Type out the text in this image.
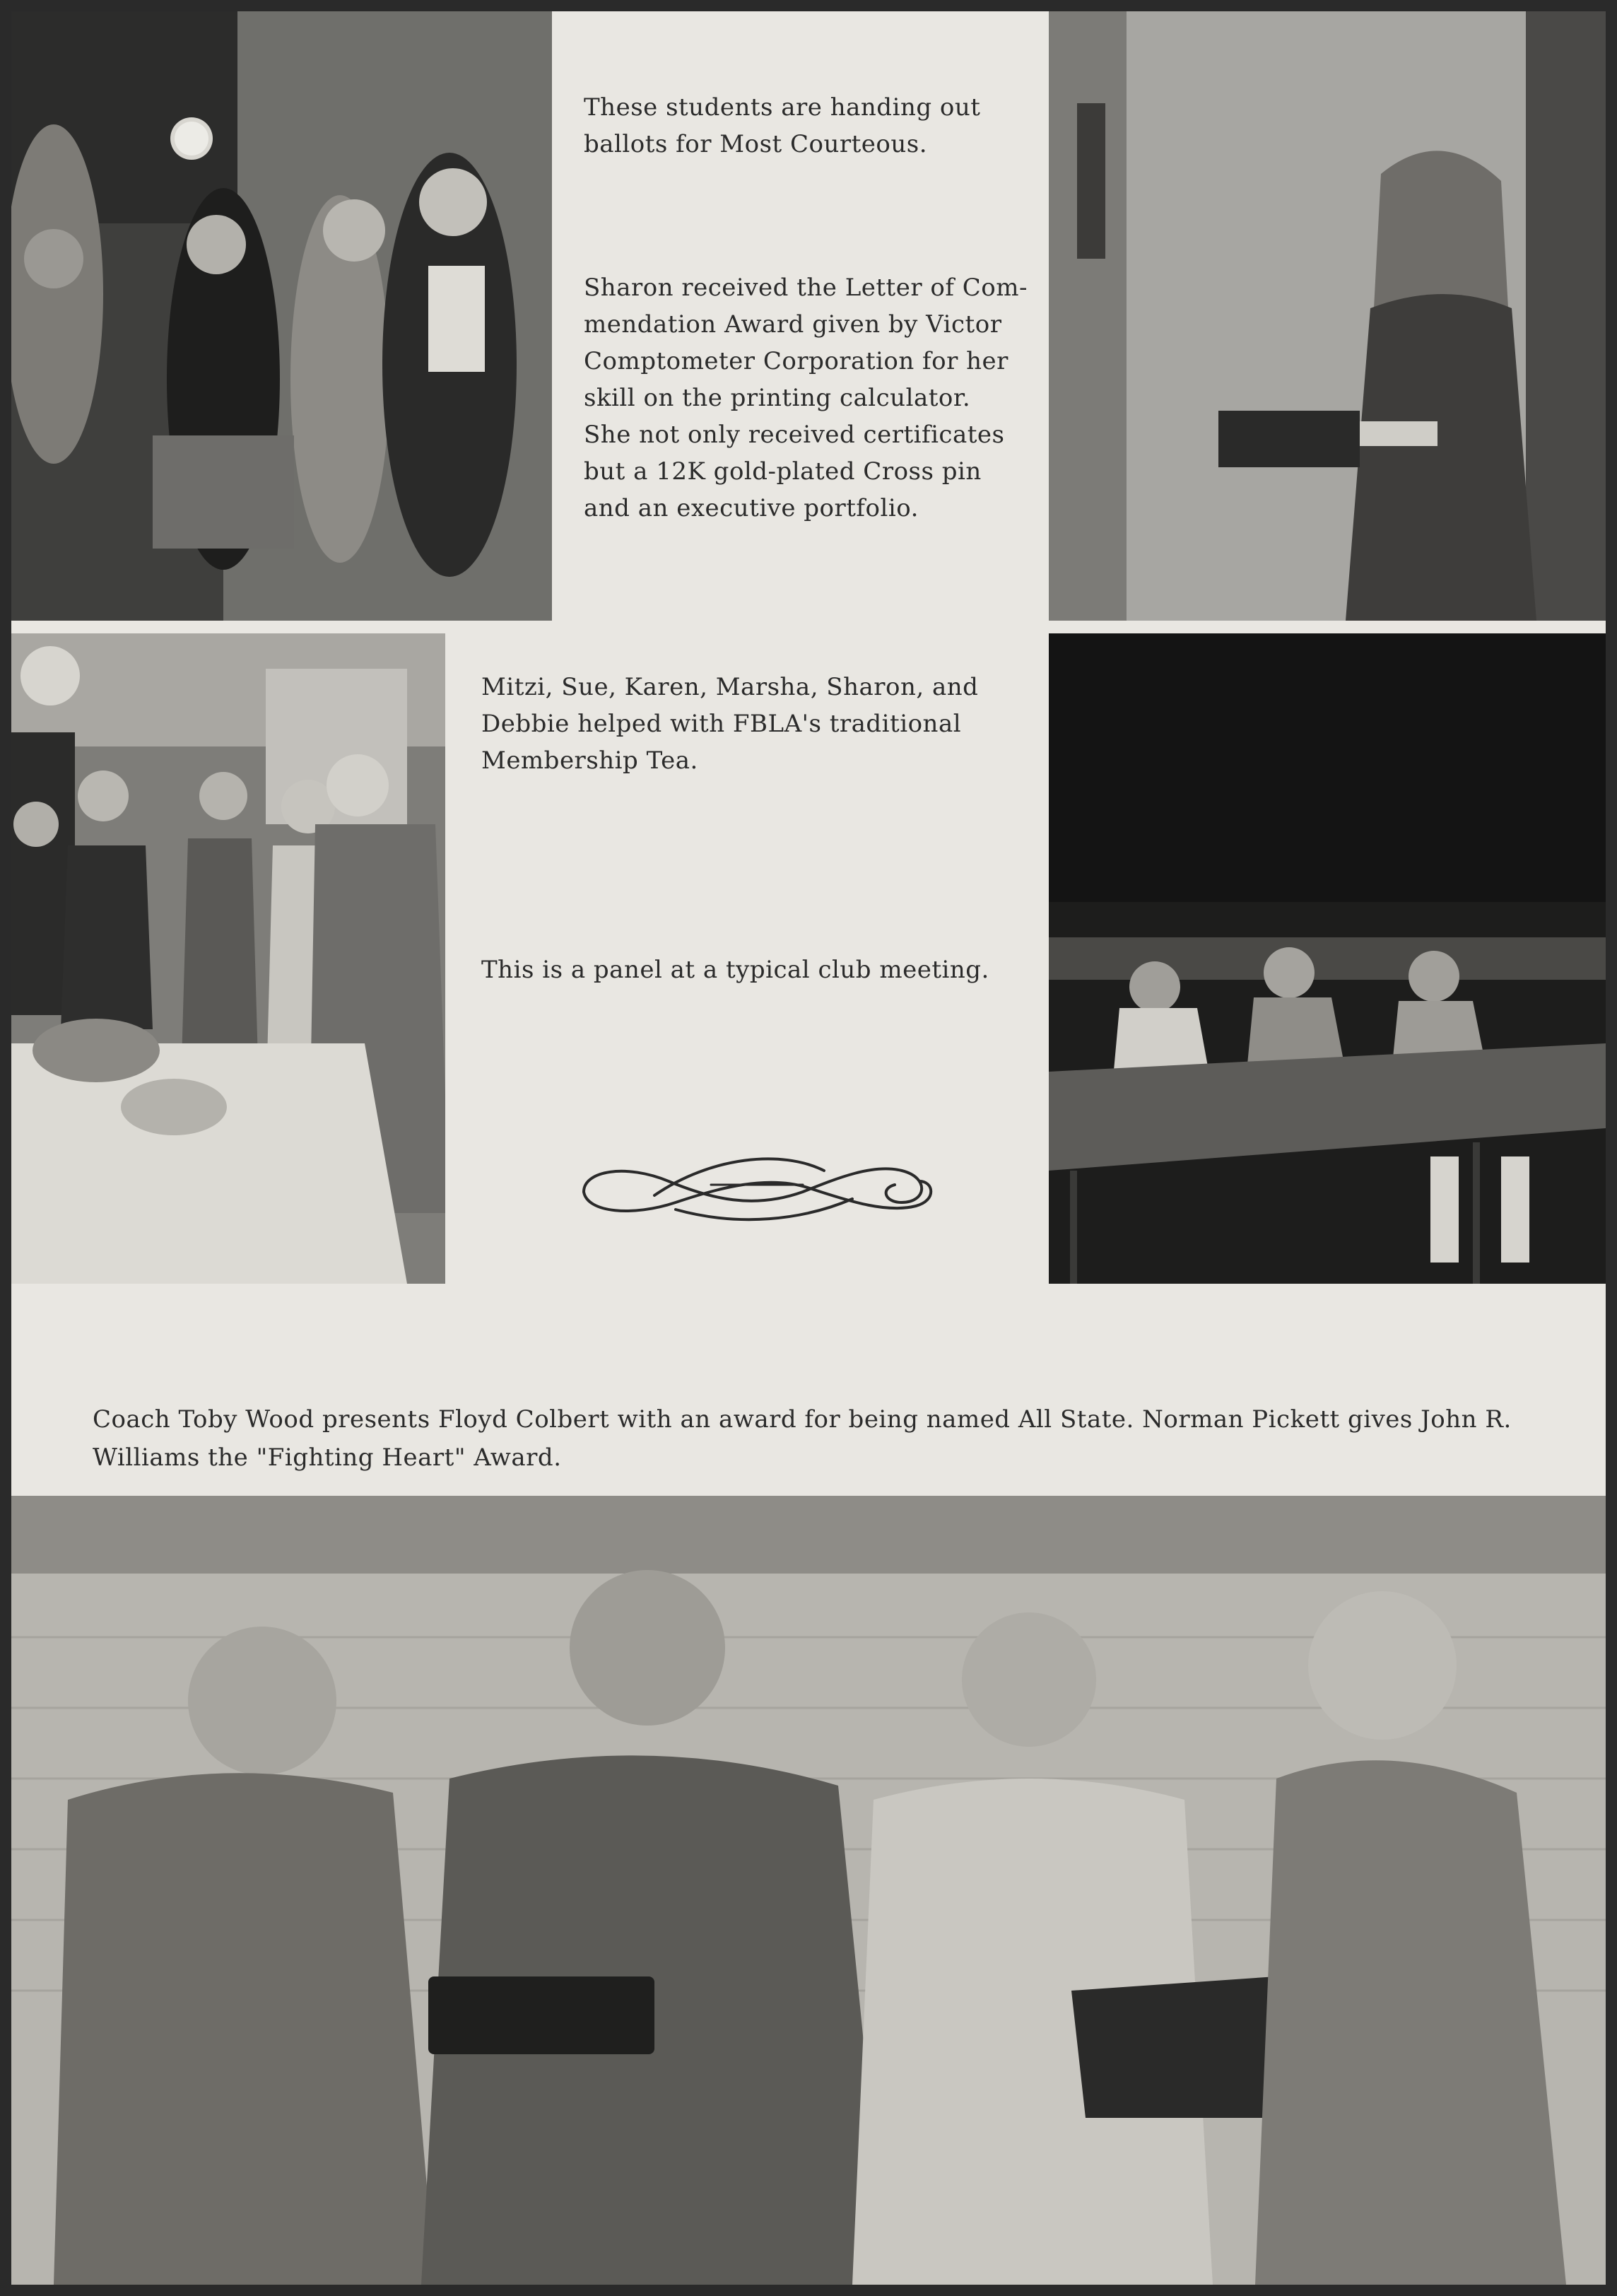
These students are handing out
ballots for Most Courteous.
Sharon received the Letter of Com-
mendation Award given by Victor
Comptometer Corporation for her
skill on the printing calculator.
She not only received certificates
but a 12K gold-plated Cross pin
and an executive portfolio.
Mitzi, Sue, Karen, Marsha, Sharon, and
Debbie helped with FBLA's traditional
Membership Tea.
This is a panel at a typical club meeting.
Coach Toby Wood presents Floyd Colbert with an award for being named All State. Norman Pickett gives John R.
Williams the "Fighting Heart" Award.
